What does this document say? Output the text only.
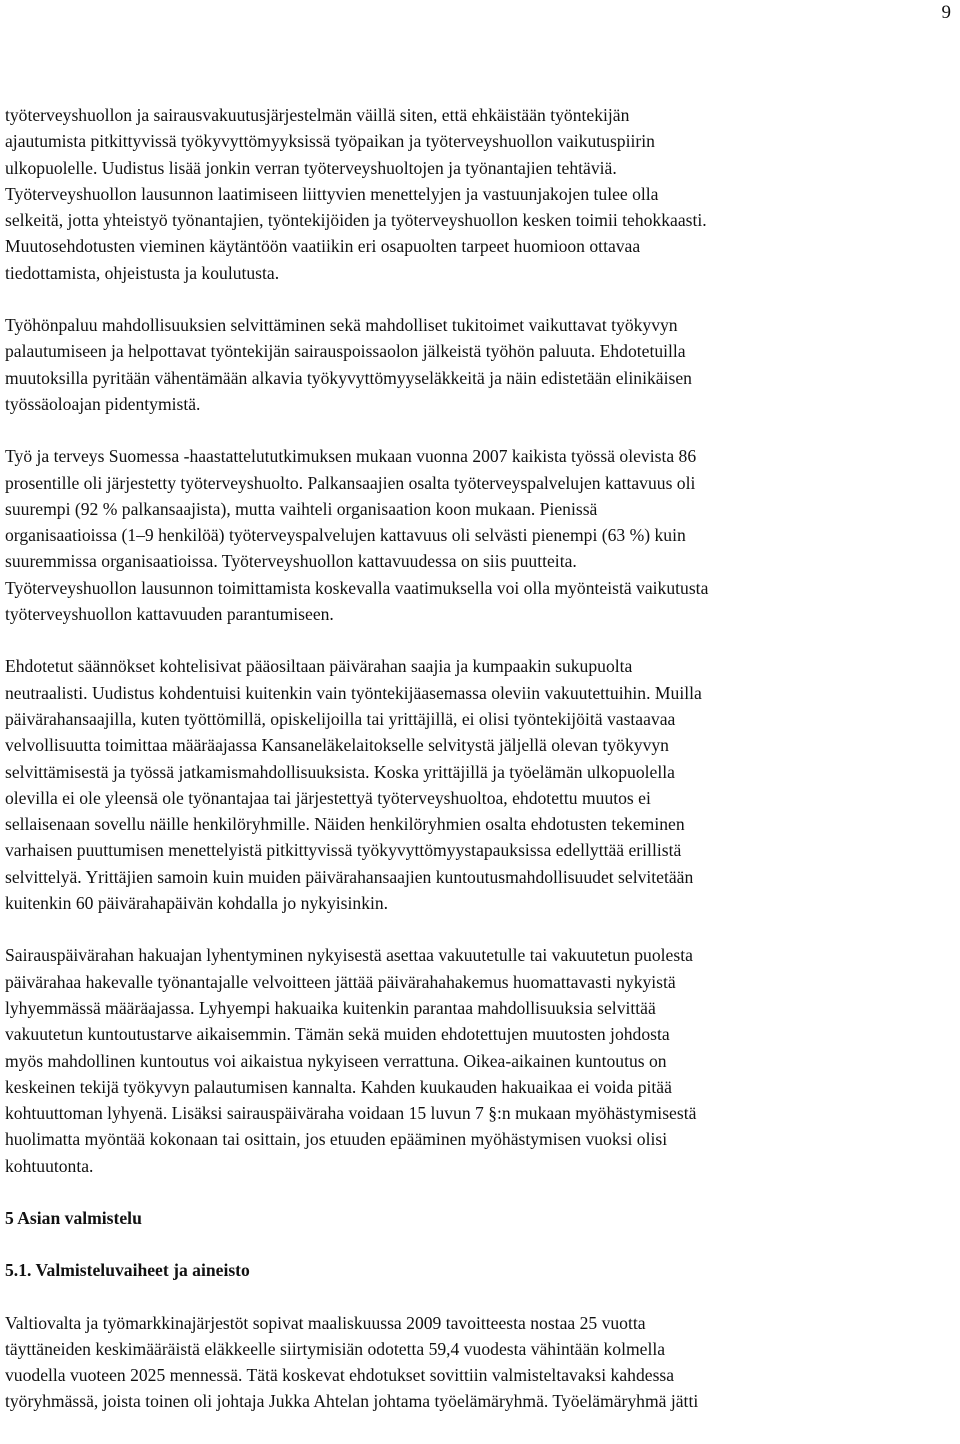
9

työterveyshuollon ja sairausvakuutusjärjestelmän väillä siten, että ehkäistään työntekijän
ajautumista pitkittyvissä työkyvyttömyyksissä työpaikan ja työterveyshuollon vaikutuspiirin
ulkopuolelle. Uudistus lisää jonkin verran työterveyshuoltojen ja työnantajien tehtäviä.
Työterveyshuollon lausunnon laatimiseen liittyvien menettelyjen ja vastuunjakojen tulee olla
selkeitä, jotta yhteistyö työnantajien, työntekijöiden ja työterveyshuollon kesken toimii tehokkaasti.
Muutosehdotusten vieminen käytäntöön vaatiikin eri osapuolten tarpeet huomioon ottavaa
tiedottamista, ohjeistusta ja koulutusta.

Työhönpaluu mahdollisuuksien selvittäminen sekä mahdolliset tukitoimet vaikuttavat työkyvyn
palautumiseen ja helpottavat työntekijän sairauspoissaolon jälkeistä työhön paluuta. Ehdotetuilla
muutoksilla pyritään vähentämään alkavia työkyvyttömyyseläkkeitä ja näin edistetään elinikäisen
työssäoloajan pidentymistä.

Työ ja terveys Suomessa -haastattelututkimuksen mukaan vuonna 2007 kaikista työssä olevista 86
prosentille oli järjestetty työterveyshuolto. Palkansaajien osalta työterveyspalvelujen kattavuus oli
suurempi (92 % palkansaajista), mutta vaihteli organisaation koon mukaan. Pienissä
organisaatioissa (1–9 henkilöä) työterveyspalvelujen kattavuus oli selvästi pienempi (63 %) kuin
suuremmissa organisaatioissa. Työterveyshuollon kattavuudessa on siis puutteita.
Työterveyshuollon lausunnon toimittamista koskevalla vaatimuksella voi olla myönteistä vaikutusta
työterveyshuollon kattavuuden parantumiseen.

Ehdotetut säännökset kohtelisivat pääosiltaan päivärahan saajia ja kumpaakin sukupuolta
neutraalisti. Uudistus kohdentuisi kuitenkin vain työntekijäasemassa oleviin vakuutettuihin. Muilla
päivärahansaajilla, kuten työttömillä, opiskelijoilla tai yrittäjillä, ei olisi työntekijöitä vastaavaa
velvollisuutta toimittaa määräajassa Kansaneläkelaitokselle selvitystä jäljellä olevan työkyvyn
selvittämisestä ja työssä jatkamismahdollisuuksista. Koska yrittäjillä ja työelämän ulkopuolella
olevilla ei ole yleensä ole työnantajaa tai järjestettyä työterveyshuoltoa, ehdotettu muutos ei
sellaisenaan sovellu näille henkilöryhmille. Näiden henkilöryhmien osalta ehdotusten tekeminen
varhaisen puuttumisen menettelyistä pitkittyvissä työkyvyttömyystapauksissa edellyttää erillistä
selvittelyä. Yrittäjien samoin kuin muiden päivärahansaajien kuntoutusmahdollisuudet selvitetään
kuitenkin 60 päivärahapäivän kohdalla jo nykyisinkin.

Sairauspäivärahan hakuajan lyhentyminen nykyisestä asettaa vakuutetulle tai vakuutetun puolesta
päivärahaa hakevalle työnantajalle velvoitteen jättää päivärahahakemus huomattavasti nykyistä
lyhyemmässä määräajassa. Lyhyempi hakuaika kuitenkin parantaa mahdollisuuksia selvittää
vakuutetun kuntoutustarve aikaisemmin. Tämän sekä muiden ehdotettujen muutosten johdosta
myös mahdollinen kuntoutus voi aikaistua nykyiseen verrattuna. Oikea-aikainen kuntoutus on
keskeinen tekijä työkyvyn palautumisen kannalta. Kahden kuukauden hakuaikaa ei voida pitää
kohtuuttoman lyhyenä. Lisäksi sairauspäiväraha voidaan 15 luvun 7 §:n mukaan myöhästymisestä
huolimatta myöntää kokonaan tai osittain, jos etuuden epääminen myöhästymisen vuoksi olisi
kohtuutonta.

5 Asian valmistelu
5.1. Valmisteluvaiheet ja aineisto

Valtiovalta ja työmarkkinajärjestöt sopivat maaliskuussa 2009 tavoitteesta nostaa 25 vuotta
täyttäneiden keskimääräistä eläkkeelle siirtymisiän odotetta 59,4 vuodesta vähintään kolmella
vuodella vuoteen 2025 mennessä. Tätä koskevat ehdotukset sovittiin valmisteltavaksi kahdessa
työryhmässä, joista toinen oli johtaja Jukka Ahtelan johtama työelämäryhmä. Työelämäryhmä jätti
